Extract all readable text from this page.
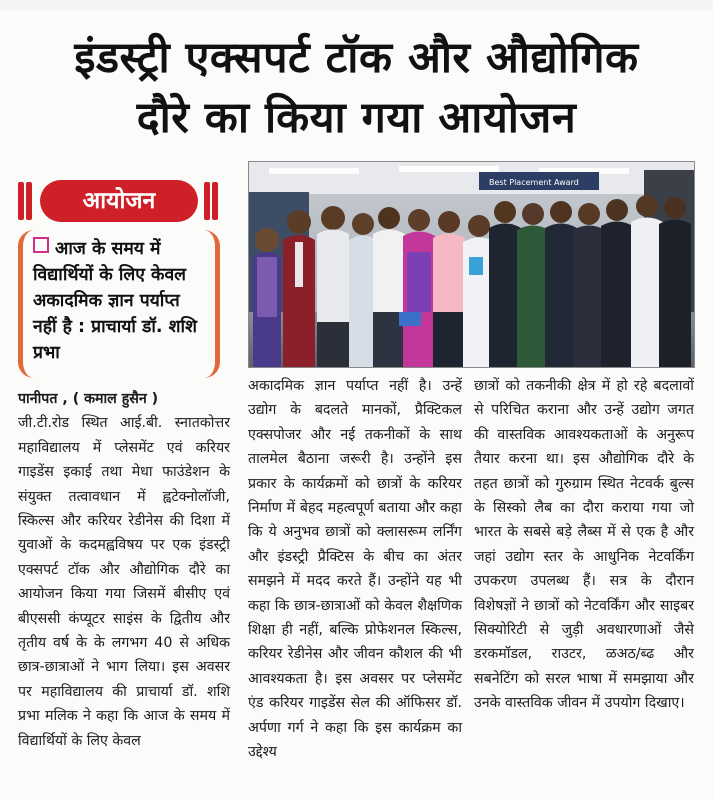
इंडस्ट्री एक्सपर्ट टॉक और औद्योगिक
दौरे का किया गया आयोजन
आयोजन
आज के समय में विद्यार्थियों के लिए केवल अकादमिक ज्ञान पर्याप्त नहीं है : प्राचार्या डॉ. शशि प्रभा
Best Placement Award
पानीपत , ( कमाल हुसैन )
जी.टी.रोड स्थित आई.बी. स्नातकोत्तर महाविद्यालय में प्लेसमेंट एवं करियर गाइडेंस इकाई तथा मेधा फाउंडेशन के संयुक्त तत्वावधान में ह्वटेक्नोलॉजी, स्किल्स और करियर रेडीनेस की दिशा में युवाओं के कदमह्वविषय पर एक इंडस्ट्री एक्सपर्ट टॉक और औद्योगिक दौरे का आयोजन किया गया जिसमें बीसीए एवं बीएससी कंप्यूटर साइंस के द्वितीय और तृतीय वर्ष के के लगभग 40 से अधिक छात्र-छात्राओं ने भाग लिया। इस अवसर पर महाविद्यालय की प्राचार्या डॉ. शशि प्रभा मलिक ने कहा कि आज के समय में विद्यार्थियों के लिए केवल
अकादमिक ज्ञान पर्याप्त नहीं है। उन्हें उद्योग के बदलते मानकों, प्रैक्टिकल एक्सपोजर और नई तकनीकों के साथ तालमेल बैठाना जरूरी है। उन्होंने इस प्रकार के कार्यक्रमों को छात्रों के करियर निर्माण में बेहद महत्वपूर्ण बताया और कहा कि ये अनुभव छात्रों को क्लासरूम लर्निंग और इंडस्ट्री प्रैक्टिस के बीच का अंतर समझने में मदद करते हैं। उन्होंने यह भी कहा कि छात्र-छात्राओं को केवल शैक्षणिक शिक्षा ही नहीं, बल्कि प्रोफेशनल स्किल्स, करियर रेडीनेस और जीवन कौशल की भी आवश्यकता है। इस अवसर पर प्लेसमेंट एंड करियर गाइडेंस सेल की ऑफिसर डॉ. अर्पणा गर्ग ने कहा कि इस कार्यक्रम का उद्देश्य
छात्रों को तकनीकी क्षेत्र में हो रहे बदलावों से परिचित कराना और उन्हें उद्योग जगत की वास्तविक आवश्यकताओं के अनुरूप तैयार करना था। इस औद्योगिक दौरे के तहत छात्रों को गुरुग्राम स्थित नेटवर्क बुल्स के सिस्को लैब का दौरा कराया गया जो भारत के सबसे बड़े लैब्स में से एक है और जहां उद्योग स्तर के आधुनिक नेटवर्किंग उपकरण उपलब्ध हैं। सत्र के दौरान विशेषज्ञों ने छात्रों को नेटवर्किंग और साइबर सिक्योरिटी से जुड़ी अवधारणाओं जैसे डरकमॉडल, राउटर, ळअठ/ब्ढ और सबनेटिंग को सरल भाषा में समझाया और उनके वास्तविक जीवन में उपयोग दिखाए।
